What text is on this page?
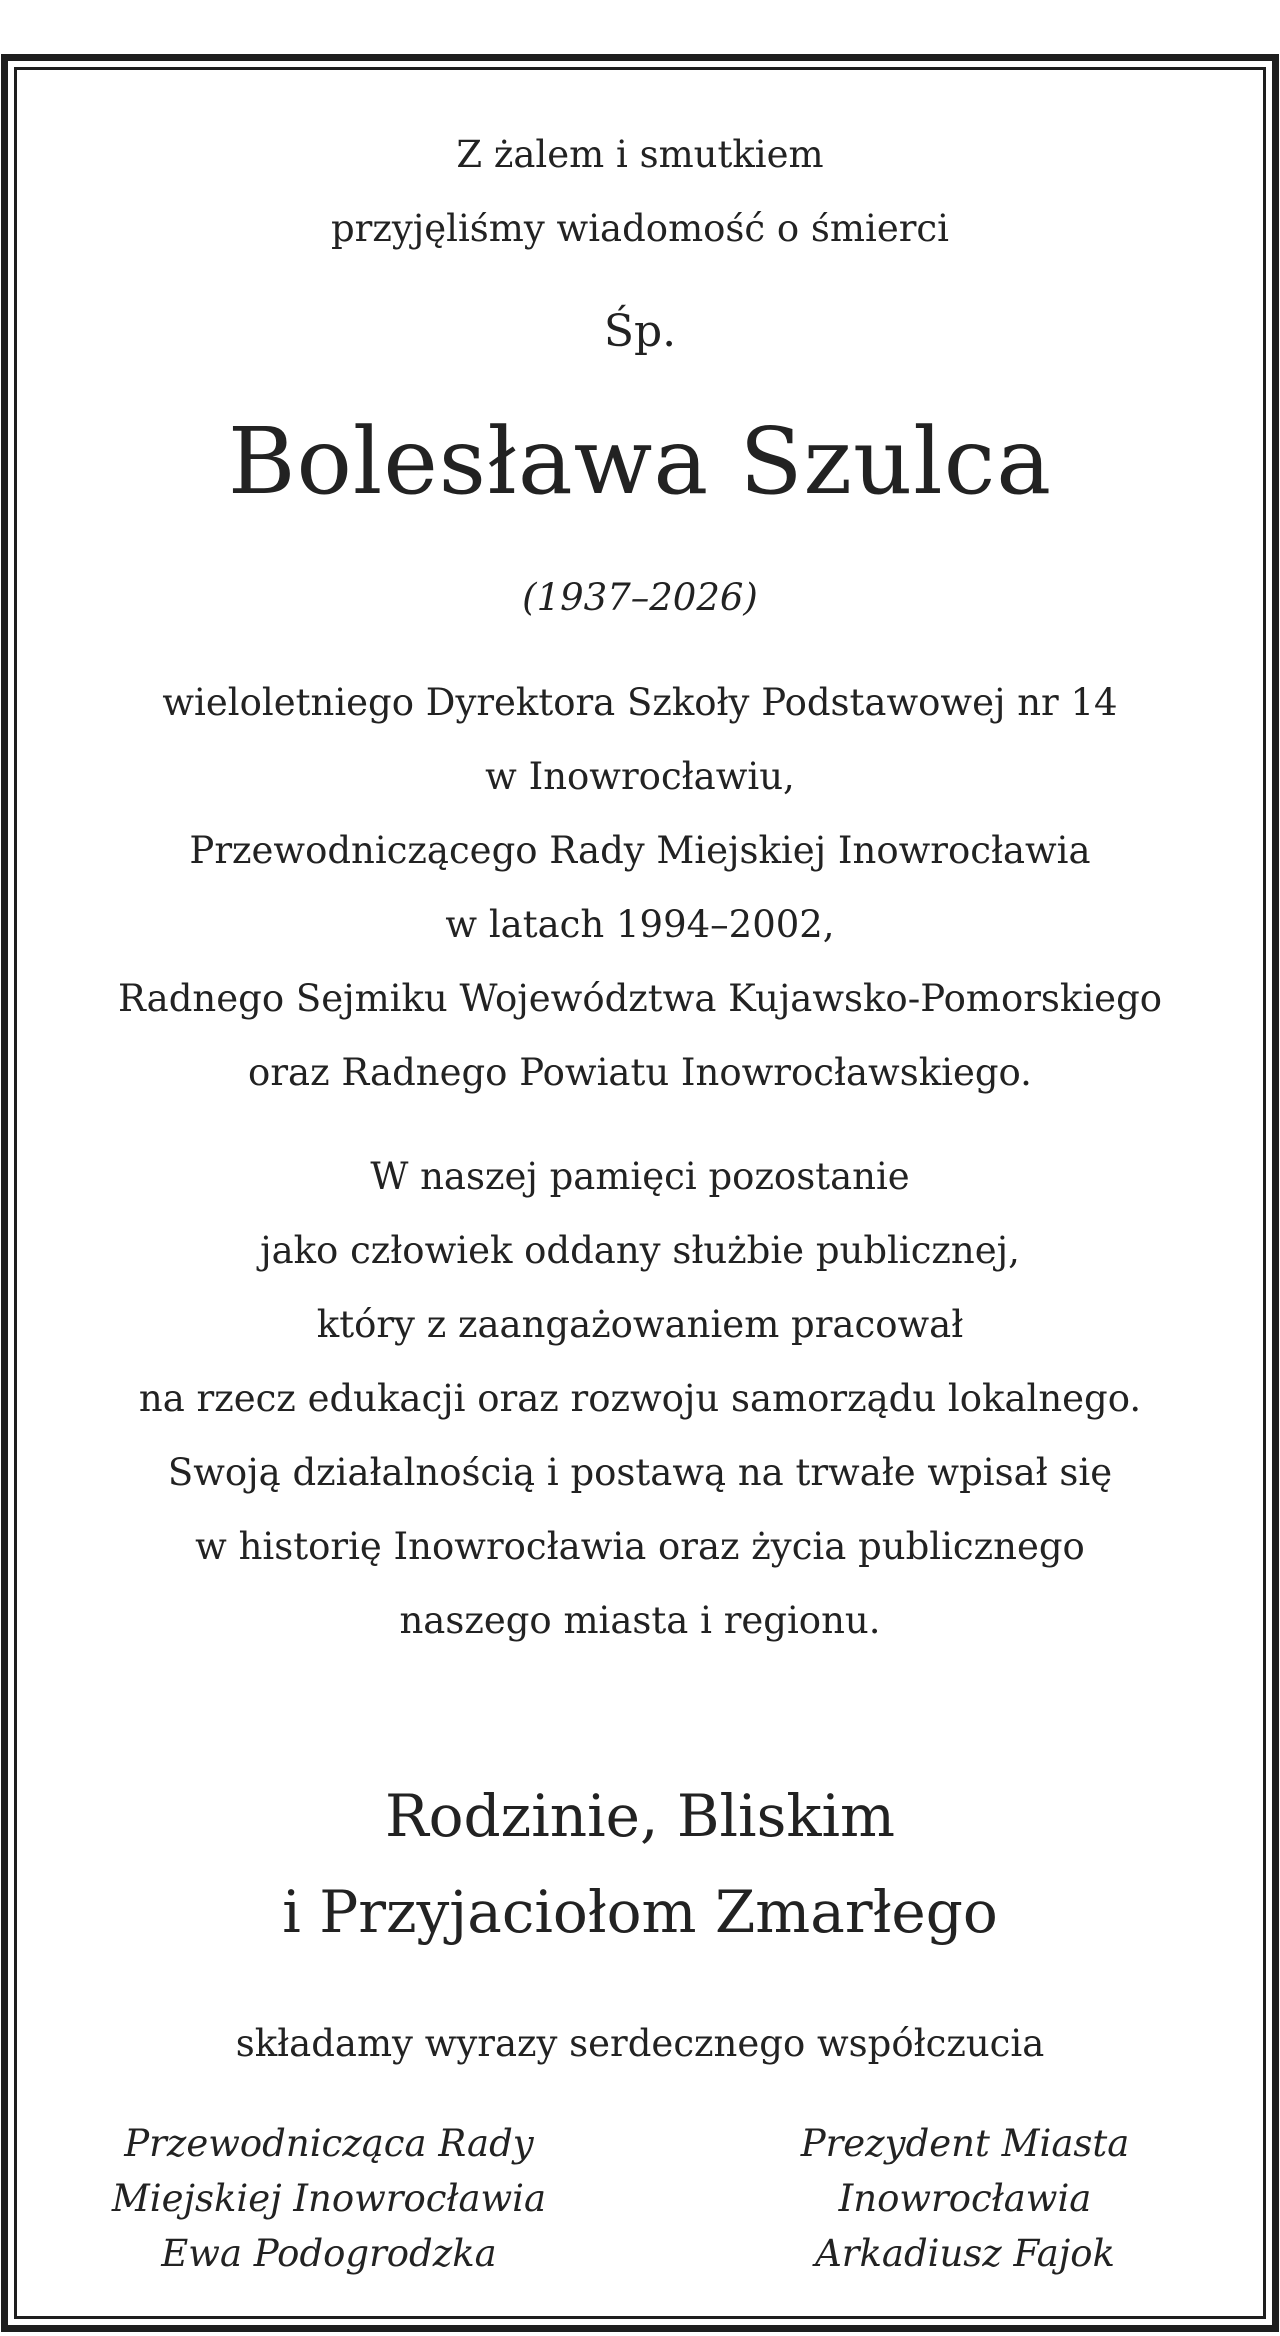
Z żalem i smutkiem
przyjęliśmy wiadomość o śmierci
Śp.
Bolesława Szulca
(1937–2026)
wieloletniego Dyrektora Szkoły Podstawowej nr 14
w Inowrocławiu,
Przewodniczącego Rady Miejskiej Inowrocławia
w latach 1994–2002,
Radnego Sejmiku Województwa Kujawsko-Pomorskiego
oraz Radnego Powiatu Inowrocławskiego.
W naszej pamięci pozostanie
jako człowiek oddany służbie publicznej,
który z zaangażowaniem pracował
na rzecz edukacji oraz rozwoju samorządu lokalnego.
Swoją działalnością i postawą na trwałe wpisał się
w historię Inowrocławia oraz życia publicznego
naszego miasta i regionu.
Rodzinie, Bliskim
i Przyjaciołom Zmarłego
składamy wyrazy serdecznego współczucia
Przewodnicząca Rady
Miejskiej Inowrocławia
Ewa Podogrodzka
Prezydent Miasta
Inowrocławia
Arkadiusz Fajok
